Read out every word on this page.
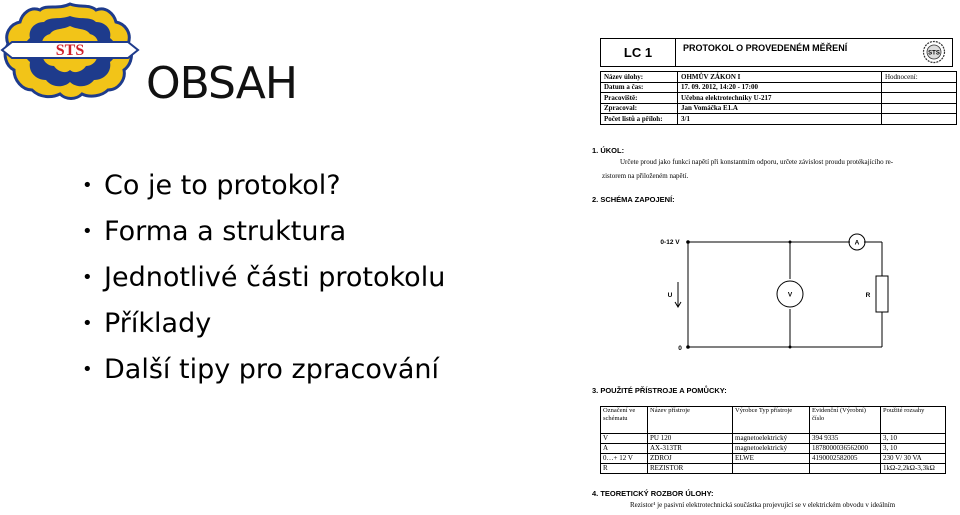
STS
OBSAH
• Co je to protokol?
• Forma a struktura
• Jednotlivé části protokolu
• Příklady
• Další tipy pro zpracování
LC 1	PROTOKOL O PROVEDENÉM MĚŘENÍ
STS
Název úlohy:	OHMŮV ZÁKON I	Hodnocení:
Datum a čas:	17. 09. 2012, 14:20 - 17:00	
Pracoviště:	Učebna elektrotechniky U-217	
Zpracoval:	Jan Vomáčka E1.A	
Počet listů a příloh:	3/1	
1. ÚKOL:
Určete proud jako funkci napětí při konstantním odporu, určete závislost proudu protékajícího re-
zistorem na přiloženém napětí.
2. SCHÉMA ZAPOJENÍ:
0-12 V
U
A
V	R
0
3. POUŽITÉ PŘÍSTROJE A POMŮCKY:
Označení ve schématu	Název přístroje	Výrobce Typ přístroje	Evidenční (Výrobní) číslo	Použité rozsahy
V	PU 120	magnetoelektrický	394 9335	3, 10
A	AX-313TR	magnetoelektrický	1878000036562000	3, 10
0…+ 12 V	ZDROJ	ELWE	4190002582005	230 V/ 30 VA
R	REZISTOR			1kΩ-2,2kΩ-3,3kΩ
4. TEORETICKÝ ROZBOR ÚLOHY:
Rezistor¹ je pasivní elektrotechnická součástka projevující se v elektrickém obvodu v ideálním
